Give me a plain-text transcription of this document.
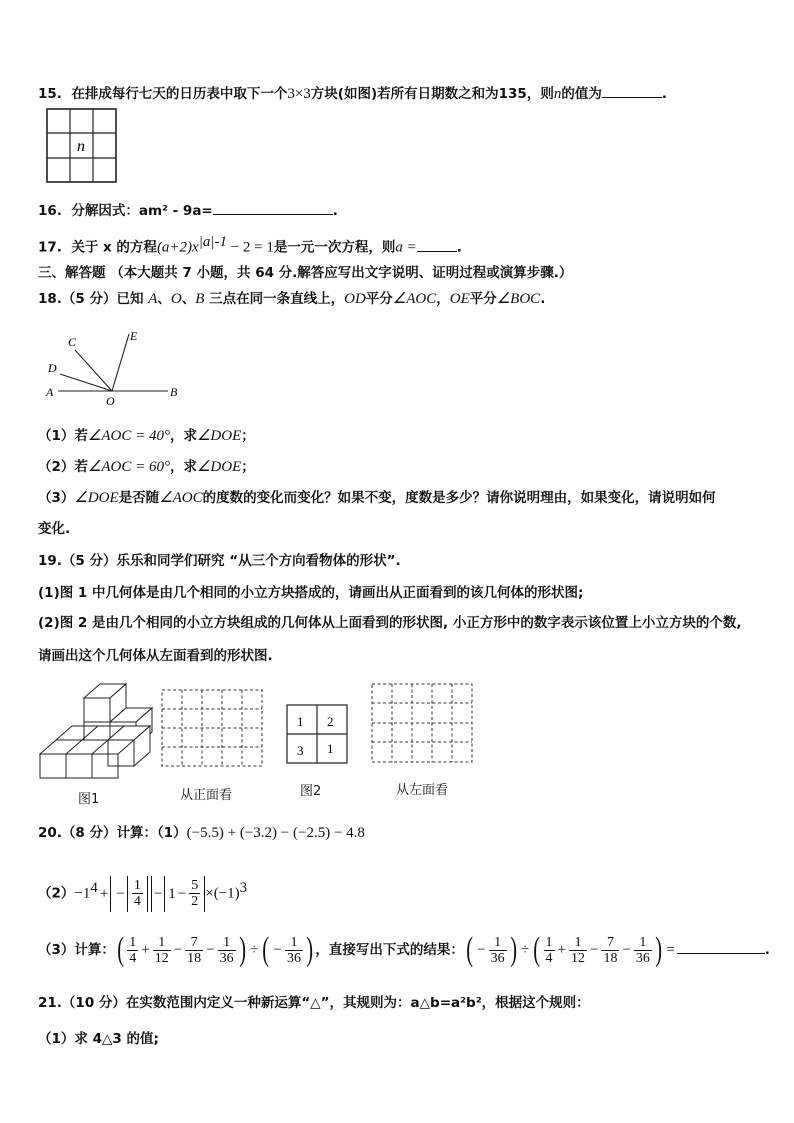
15. 在排成每行七天的日历表中取下一个3×3方块(如图)若所有日期数之和为135，则n的值为	.
n
16. 分解因式：am² - 9a=	.
17. 关于 x 的方程$(a+2)x^{|a|-1} - 2 = 1$是一元一次方程，则a =	.
三、解答题 （本大题共 7 小题，共 64 分.解答应写出文字说明、证明过程或演算步骤.）
18.（5 分）已知 A、O、B 三点在同一条直线上，OD平分∠AOC，OE平分∠BOC.
A	B
C
D
E
O
（1）若∠AOC = 40°，求∠DOE；
（2）若∠AOC = 60°，求∠DOE；
（3）∠DOE是否随∠AOC的度数的变化而变化？如果不变，度数是多少？请你说明理由，如果变化，请说明如何
变化.
19.（5 分）乐乐和同学们研究 “从三个方向看物体的形状”.
(1)图 1 中几何体是由几个相同的小立方块搭成的，请画出从正面看到的该几何体的形状图;
(2)图 2 是由几个相同的小立方块组成的几何体从上面看到的形状图, 小正方形中的数字表示该位置上小立方块的个数,
请画出这个几何体从左面看到的形状图.
图1	从正面看
1 2
3 1
图2	从左面看
20.（8 分）计算：（1）(−5.5) + (−3.2) − (−2.5) − 4.8
$(2)-1^4$ + − $\frac{1}{4} - 1 - \frac{5}{2} \times(-1)^3$
（3）计算：( $\frac{1}{4} + \frac{1}{12} - \frac{7}{18} - \frac{1}{36}$ ) ÷ ( − $\frac{1}{36}$ ) ，直接写出下式的结果：( − $\frac{1}{36}$ ) ÷ ( $\frac{1}{4} + \frac{1}{12} - \frac{7}{18} - \frac{1}{36}$ ) =	.
21.（10 分）在实数范围内定义一种新运算“△”，其规则为：a△b=a²b²，根据这个规则：
（1）求 4△3 的值;
